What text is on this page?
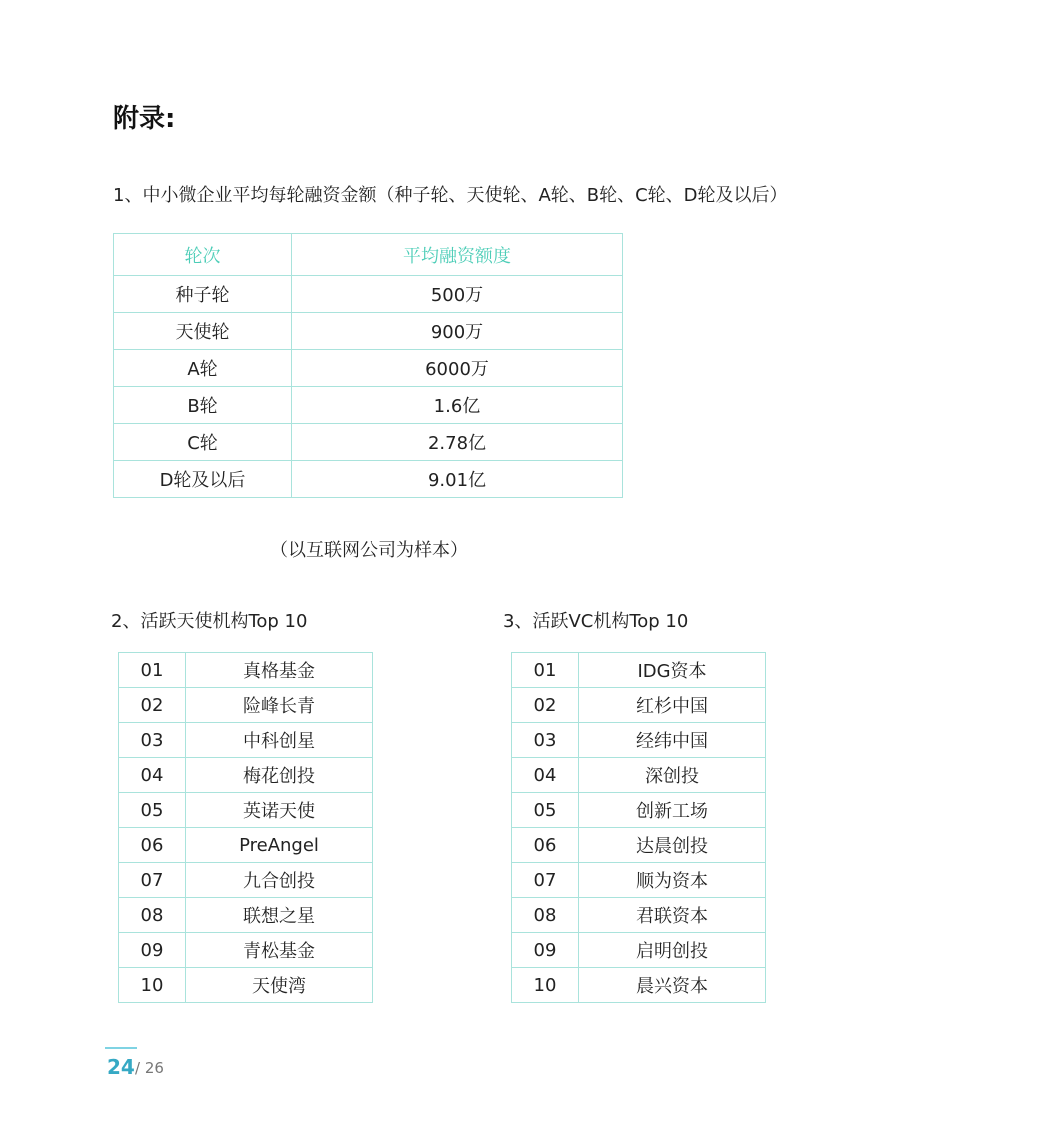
附录:
1、中小微企业平均每轮融资金额（种子轮、天使轮、A轮、B轮、C轮、D轮及以后）
轮次	平均融资额度
种子轮	500万
天使轮	900万
A轮	6000万
B轮	1.6亿
C轮	2.78亿
D轮及以后	9.01亿
（以互联网公司为样本）
2、活跃天使机构Top 10
01	真格基金
02	险峰长青
03	中科创星
04	梅花创投
05	英诺天使
06	PreAngel
07	九合创投
08	联想之星
09	青松基金
10	天使湾
3、活跃VC机构Top 10
01	IDG资本
02	红杉中国
03	经纬中国
04	深创投
05	创新工场
06	达晨创投
07	顺为资本
08	君联资本
09	启明创投
10	晨兴资本
24 / 26
